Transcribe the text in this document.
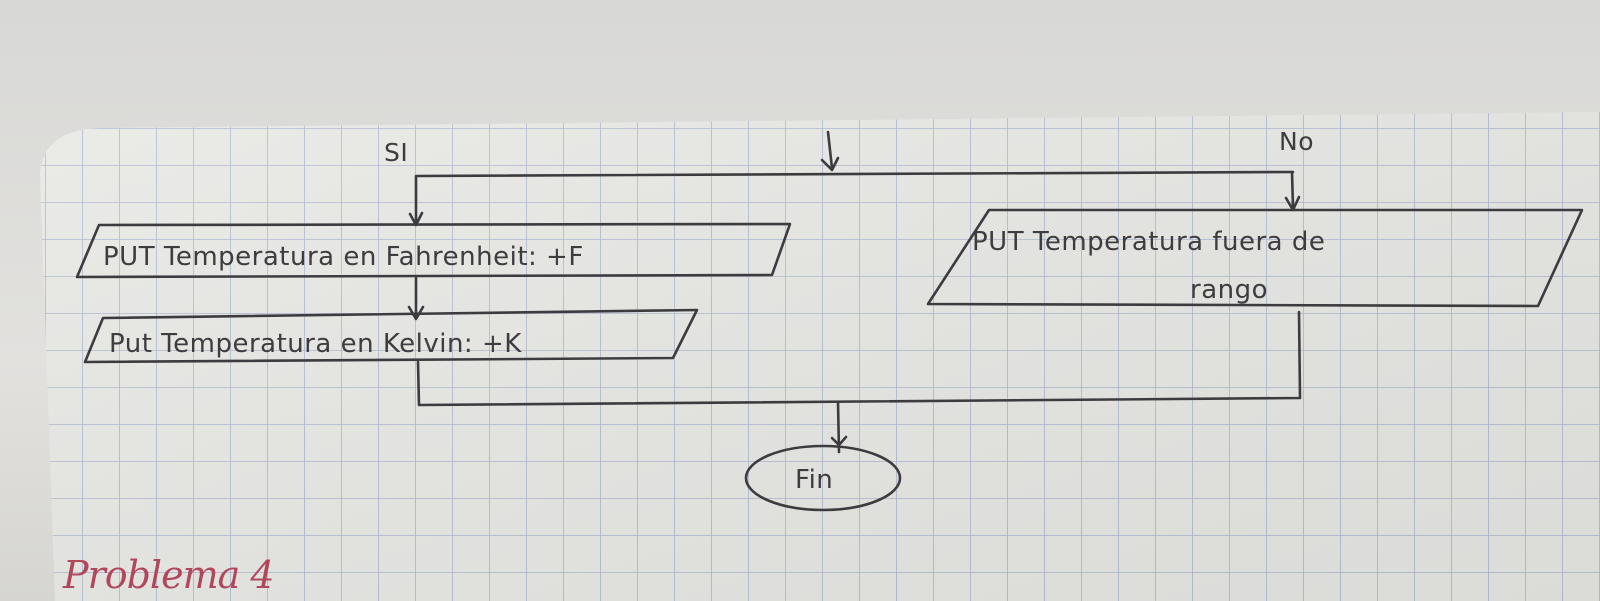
PUT Temperatura en Fahrenheit: +F
Put Temperatura en Kelvin: +K
PUT Temperatura fuera de
rango
Fin
SI	No
Problema 4
